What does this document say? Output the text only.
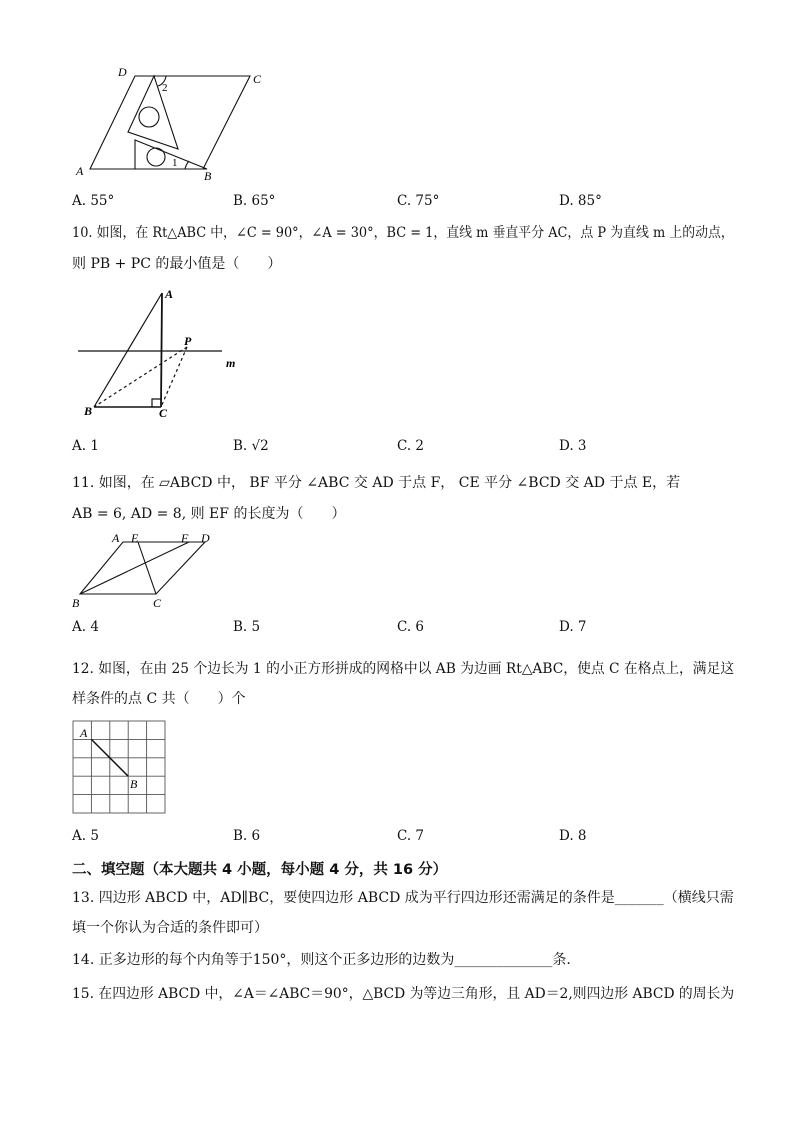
D	C
A	B
1
2
A. 55°	B. 65°	C. 75°	D. 85°
10. 如图，在 Rt△ABC 中，∠C = 90°，∠A = 30°，BC = 1，直线 m 垂直平分 AC，点 P 为直线 m 上的动点，
则 PB + PC 的最小值是（　　）
A
P
m
B	C
A. 1	B. √2	C. 2	D. 3
11. 如图，在 ▱ABCD 中， BF 平分 ∠ABC 交 AD 于点 F， CE 平分 ∠BCD 交 AD 于点 E，若
AB = 6, AD = 8, 则 EF 的长度为（　　）
A E	F D
B	C
A. 4	B. 5	C. 6	D. 7
12. 如图，在由 25 个边长为 1 的小正方形拼成的网格中以 AB 为边画 Rt△ABC，使点 C 在格点上，满足这
样条件的点 C 共（　　）个
A
B
A. 5	B. 6	C. 7	D. 8
二、填空题（本大题共 4 小题，每小题 4 分，共 16 分）
13. 四边形 ABCD 中，AD∥BC，要使四边形 ABCD 成为平行四边形还需满足的条件是_______（横线只需
填一个你认为合适的条件即可）
14. 正多边形的每个内角等于150°，则这个正多边形的边数为______________条.
15. 在四边形 ABCD 中，∠A＝∠ABC＝90°，△BCD 为等边三角形，且 AD＝2,则四边形 ABCD 的周长为
